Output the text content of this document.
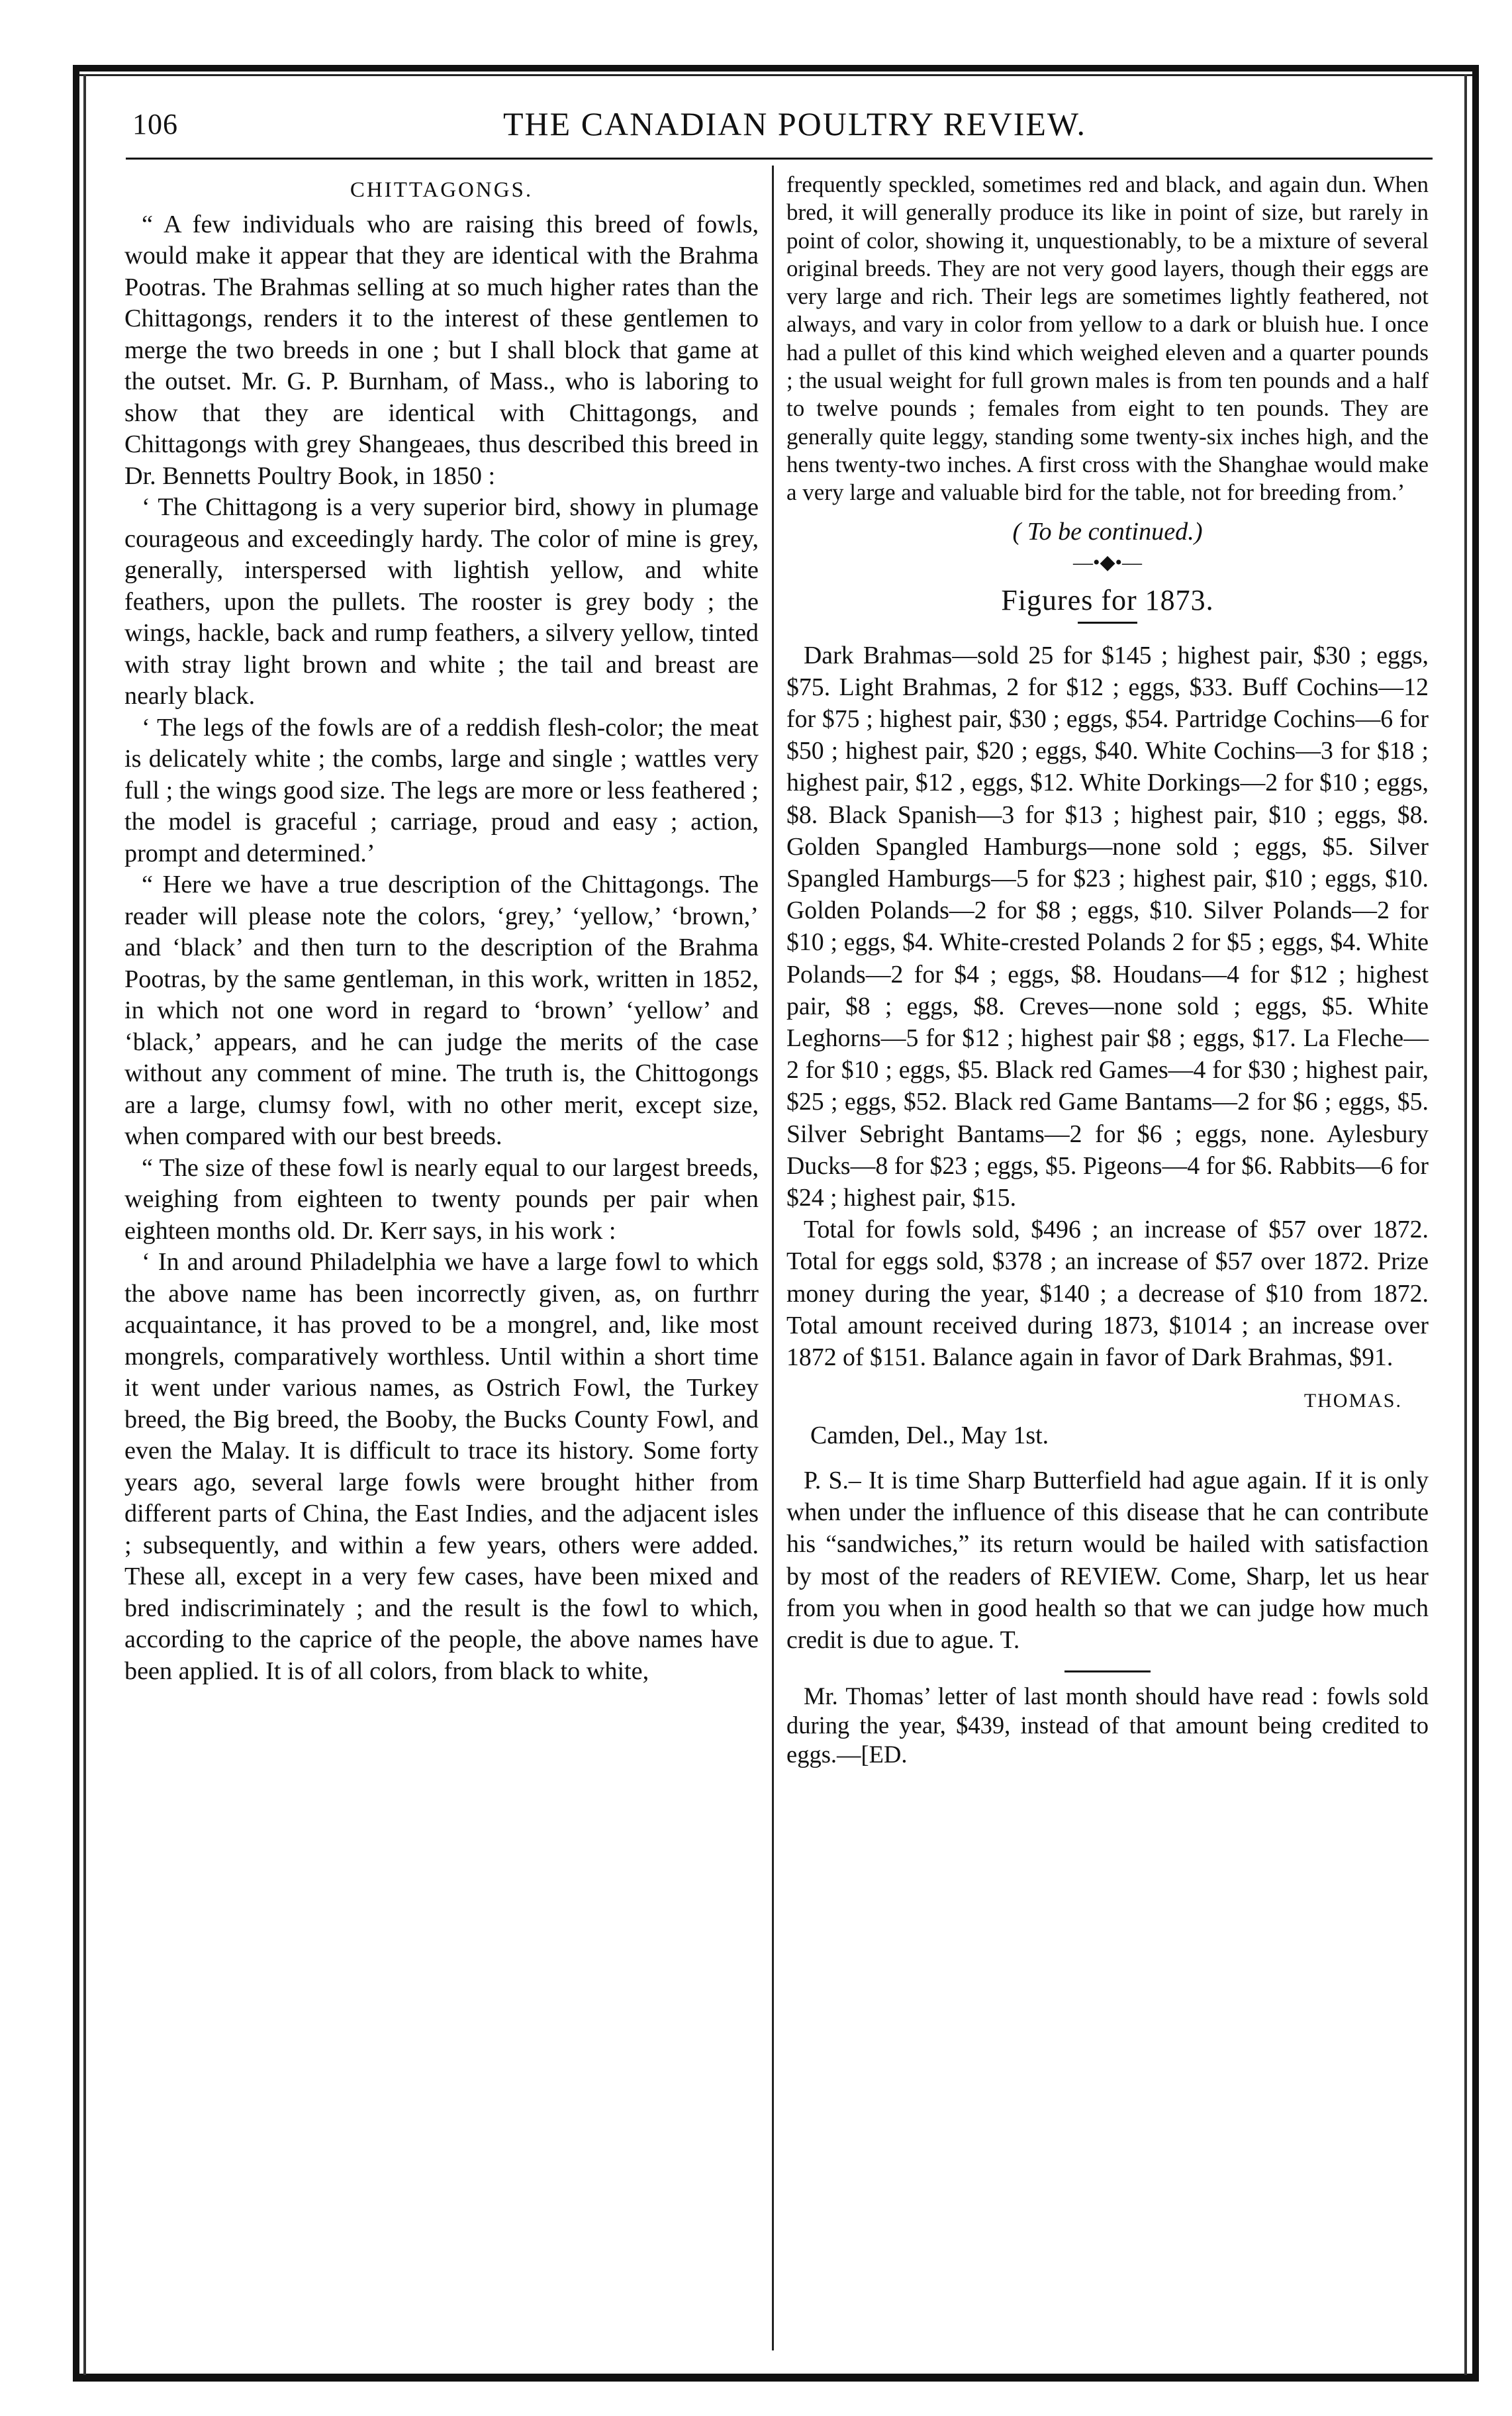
106	THE CANADIAN POULTRY REVIEW.

CHITTAGONGS.

“ A few individuals who are raising this breed of fowls, would make it appear that they are identical with the Brahma Pootras. The Brahmas selling at so much higher rates than the Chittagongs, renders it to the interest of these gentlemen to merge the two breeds in one ; but I shall block that game at the outset. Mr. G. P. Burnham, of Mass., who is laboring to show that they are identical with Chittagongs, and Chittagongs with grey Shangeaes, thus described this breed in Dr. Bennetts Poultry Book, in 1850 :

‘ The Chittagong is a very superior bird, showy in plumage courageous and exceedingly hardy. The color of mine is grey, generally, interspersed with lightish yellow, and white feathers, upon the pullets. The rooster is grey body ; the wings, hackle, back and rump feathers, a silvery yellow, tinted with stray light brown and white ; the tail and breast are nearly black.

‘ The legs of the fowls are of a reddish flesh-color; the meat is delicately white ; the combs, large and single ; wattles very full ; the wings good size. The legs are more or less feathered ; the model is graceful ; carriage, proud and easy ; action, prompt and determined.’

“ Here we have a true description of the Chittagongs. The reader will please note the colors, ‘grey,’ ‘yellow,’ ‘brown,’ and ‘black’ and then turn to the description of the Brahma Pootras, by the same gentleman, in this work, written in 1852, in which not one word in regard to ‘brown’ ‘yellow’ and ‘black,’ appears, and he can judge the merits of the case without any comment of mine. The truth is, the Chittogongs are a large, clumsy fowl, with no other merit, except size, when compared with our best breeds.

“ The size of these fowl is nearly equal to our largest breeds, weighing from eighteen to twenty pounds per pair when eighteen months old. Dr. Kerr says, in his work :

‘ In and around Philadelphia we have a large fowl to which the above name has been incorrectly given, as, on furthrr acquaintance, it has proved to be a mongrel, and, like most mongrels, comparatively worthless. Until within a short time it went under various names, as Ostrich Fowl, the Turkey breed, the Big breed, the Booby, the Bucks County Fowl, and even the Malay. It is difficult to trace its history. Some forty years ago, several large fowls were brought hither from different parts of China, the East Indies, and the adjacent isles ; subsequently, and within a few years, others were added. These all, except in a very few cases, have been mixed and bred indiscriminately ; and the result is the fowl to which, according to the caprice of the people, the above names have been applied. It is of all colors, from black to white,

frequently speckled, sometimes red and black, and again dun. When bred, it will generally produce its like in point of size, but rarely in point of color, showing it, unquestionably, to be a mixture of several original breeds. They are not very good layers, though their eggs are very large and rich. Their legs are sometimes lightly feathered, not always, and vary in color from yellow to a dark or bluish hue. I once had a pullet of this kind which weighed eleven and a quarter pounds ; the usual weight for full grown males is from ten pounds and a half to twelve pounds ; females from eight to ten pounds. They are generally quite leggy, standing some twenty-six inches high, and the hens twenty-two inches. A first cross with the Shanghae would make a very large and valuable bird for the table, not for breeding from.’

( To be continued.)

—•◆•—

Figures for 1873.

Dark Brahmas—sold 25 for $145 ; highest pair, $30 ; eggs, $75. Light Brahmas, 2 for $12 ; eggs, $33. Buff Cochins—12 for $75 ; highest pair, $30 ; eggs, $54. Partridge Cochins—6 for $50 ; highest pair, $20 ; eggs, $40. White Cochins—3 for $18 ; highest pair, $12 , eggs, $12. White Dorkings—2 for $10 ; eggs, $8. Black Spanish—3 for $13 ; highest pair, $10 ; eggs, $8. Golden Spangled Hamburgs—none sold ; eggs, $5. Silver Spangled Hamburgs—5 for $23 ; highest pair, $10 ; eggs, $10. Golden Polands—2 for $8 ; eggs, $10. Silver Polands—2 for $10 ; eggs, $4. White-crested Polands 2 for $5 ; eggs, $4. White Polands—2 for $4 ; eggs, $8. Houdans—4 for $12 ; highest pair, $8 ; eggs, $8. Creves—none sold ; eggs, $5. White Leghorns—5 for $12 ; highest pair $8 ; eggs, $17. La Fleche—2 for $10 ; eggs, $5. Black red Games—4 for $30 ; highest pair, $25 ; eggs, $52. Black red Game Bantams—2 for $6 ; eggs, $5. Silver Sebright Bantams—2 for $6 ; eggs, none. Aylesbury Ducks—8 for $23 ; eggs, $5. Pigeons—4 for $6. Rabbits—6 for $24 ; highest pair, $15.

Total for fowls sold, $496 ; an increase of $57 over 1872. Total for eggs sold, $378 ; an increase of $57 over 1872. Prize money during the year, $140 ; a decrease of $10 from 1872. Total amount received during 1873, $1014 ; an increase over 1872 of $151. Balance again in favor of Dark Brahmas, $91.

THOMAS.

Camden, Del., May 1st.

P. S.– It is time Sharp Butterfield had ague again. If it is only when under the influence of this disease that he can contribute his “sandwiches,” its return would be hailed with satisfaction by most of the readers of REVIEW. Come, Sharp, let us hear from you when in good health so that we can judge how much credit is due to ague. T.

Mr. Thomas’ letter of last month should have read : fowls sold during the year, $439, instead of that amount being credited to eggs.—[ED.
